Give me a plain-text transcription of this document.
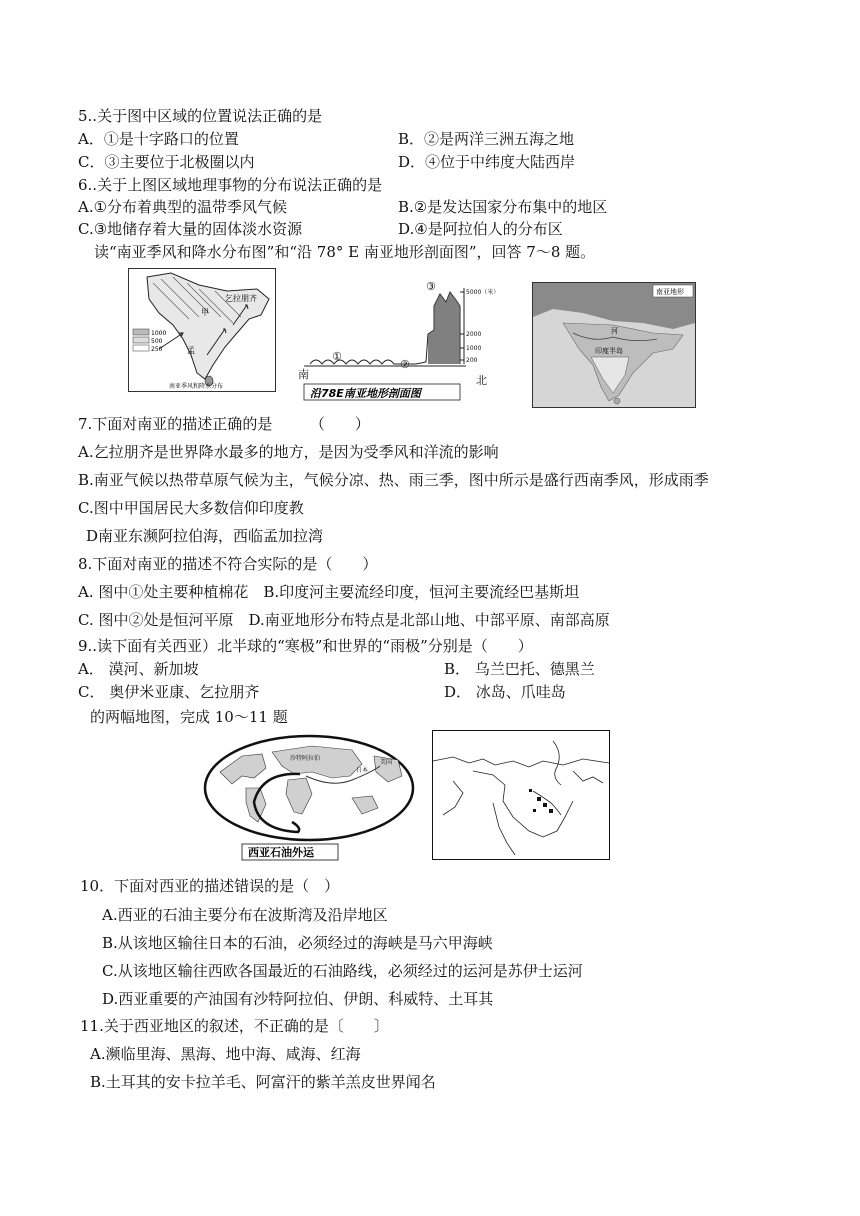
5..关于图中区域的位置说法正确的是
A．①是十字路口的位置	B．②是两洋三洲五海之地
C．③主要位于北极圈以内	D．④位于中纬度大陆西岸
6..关于上图区域地理事物的分布说法正确的是
A.①分布着典型的温带季风气候	B.②是发达国家分布集中的地区
C.③地储存着大量的固体淡水资源	D.④是阿拉伯人的分布区
读“南亚季风和降水分布图”和“沿 78° E 南亚地形剖面图”，回答 7～8 题。
乞拉朋齐
甲
孟
1000
500
250
南亚季风和降水分布
①
②
③
南	北
5000（米）
2000
1000
200
沿78E南亚地形剖面图
南亚地形
印度半岛
河
7.下面对南亚的描述正确的是　　　（　　）
A.乞拉朋齐是世界降水最多的地方，是因为受季风和洋流的影响
B.南亚气候以热带草原气候为主，气候分凉、热、雨三季，图中所示是盛行西南季风，形成雨季
C.图中甲国居民大多数信仰印度教
D南亚东濒阿拉伯海，西临孟加拉湾
8.下面对南亚的描述不符合实际的是（　　）
A. 图中①处主要种植棉花　B.印度河主要流经印度，恒河主要流经巴基斯坦
C. 图中②处是恒河平原　D.南亚地形分布特点是北部山地、中部平原、南部高原
9..读下面有关西亚）北半球的“寒极”和世界的“雨极”分别是（　　）
A． 漠河、新加坡	B． 乌兰巴托、德黑兰
C． 奥伊米亚康、乞拉朋齐	D． 冰岛、爪哇岛
的两幅地图，完成 10～11 题
沙特阿拉伯
日本
美国
西亚石油外运
10．下面对西亚的描述错误的是（　）
A.西亚的石油主要分布在波斯湾及沿岸地区
B.从该地区输往日本的石油，必须经过的海峡是马六甲海峡
C.从该地区输往西欧各国最近的石油路线，必须经过的运河是苏伊士运河
D.西亚重要的产油国有沙特阿拉伯、伊朗、科威特、土耳其
11.关于西亚地区的叙述，不正确的是〔　　〕
A.濒临里海、黑海、地中海、咸海、红海
B.土耳其的安卡拉羊毛、阿富汗的紫羊羔皮世界闻名
